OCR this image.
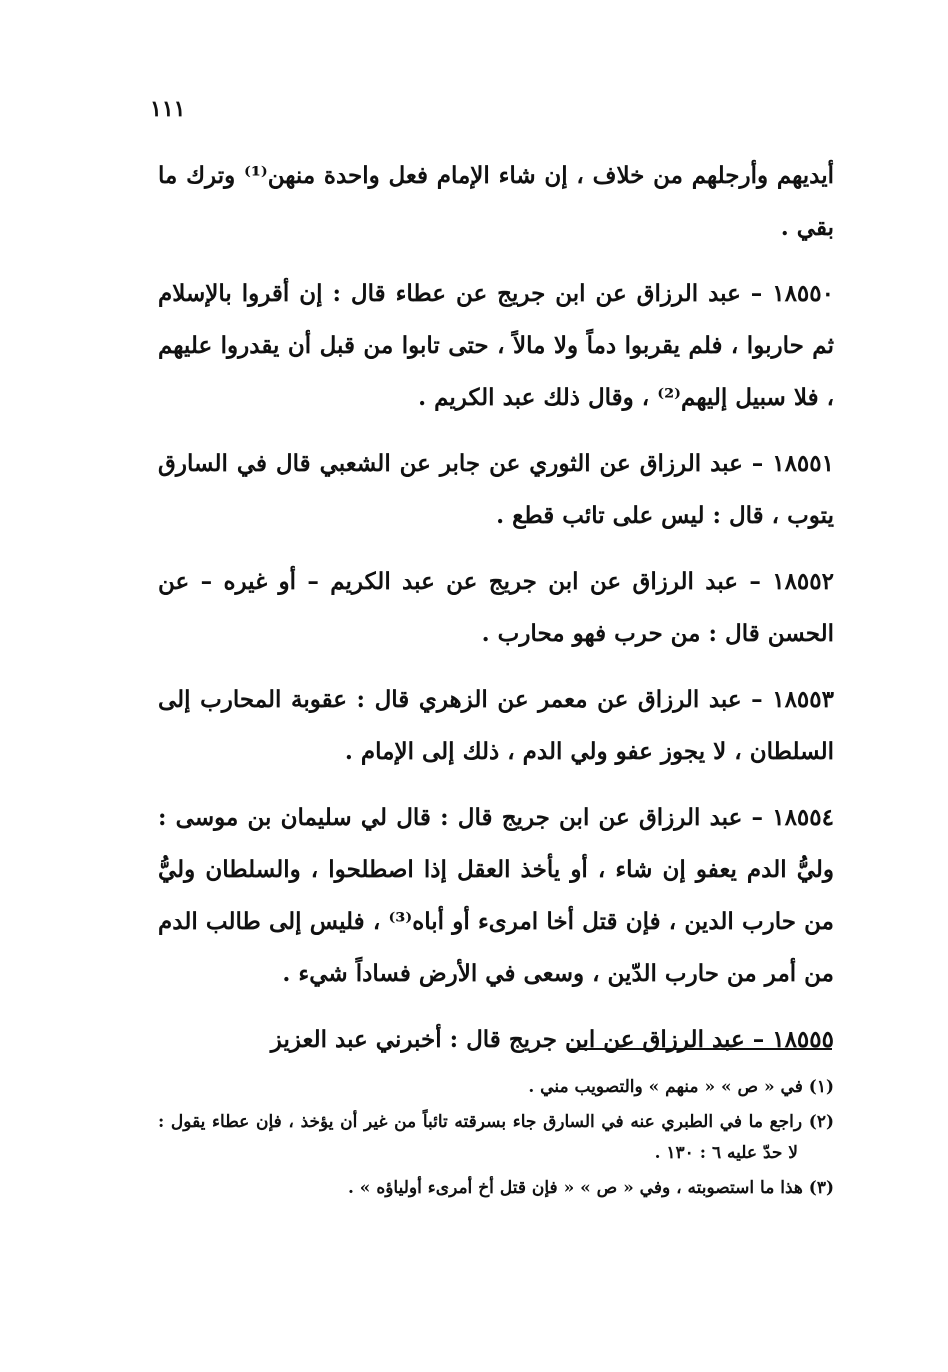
١١١

أيديهم وأرجلهم من خلاف ، إن شاء الإمام فعل واحدة منهن⁽¹⁾ وترك ما بقي .

١٨٥٥٠ – عبد الرزاق عن ابن جريج عن عطاء قال : إن أقروا بالإسلام ثم حاربوا ، فلم يقربوا دماً ولا مالاً ، حتى تابوا من قبل أن يقدروا عليهم ، فلا سبيل إليهم⁽²⁾ ، وقال ذلك عبد الكريم .

١٨٥٥١ – عبد الرزاق عن الثوري عن جابر عن الشعبي قال في السارق يتوب ، قال : ليس على تائب قطع .

١٨٥٥٢ – عبد الرزاق عن ابن جريج عن عبد الكريم – أو غيره – عن الحسن قال : من حرب فهو محارب .

١٨٥٥٣ – عبد الرزاق عن معمر عن الزهري قال : عقوبة المحارب إلى السلطان ، لا يجوز عفو ولي الدم ، ذلك إلى الإمام .

١٨٥٥٤ – عبد الرزاق عن ابن جريج قال : قال لي سليمان بن موسى : وليُّ الدم يعفو إن شاء ، أو يأخذ العقل إذا اصطلحوا ، والسلطان وليُّ من حارب الدين ، فإن قتل أخا امرىء أو أباه⁽³⁾ ، فليس إلى طالب الدم من أمر من حارب الدّين ، وسعى في الأرض فساداً شيء .

١٨٥٥٥ – عبد الرزاق عن ابن جريج قال : أخبرني عبد العزيز

(١) في « ص » « منهم » والتصويب مني .

(٢) راجع ما في الطبري عنه في السارق جاء بسرقته تائباً من غير أن يؤخذ ، فإن عطاء يقول : لا حدّ عليه ٦ : ١٣٠ .

(٣) هذا ما استصوبته ، وفي « ص » « فإن قتل أخ أمرىء أولياؤه » .
